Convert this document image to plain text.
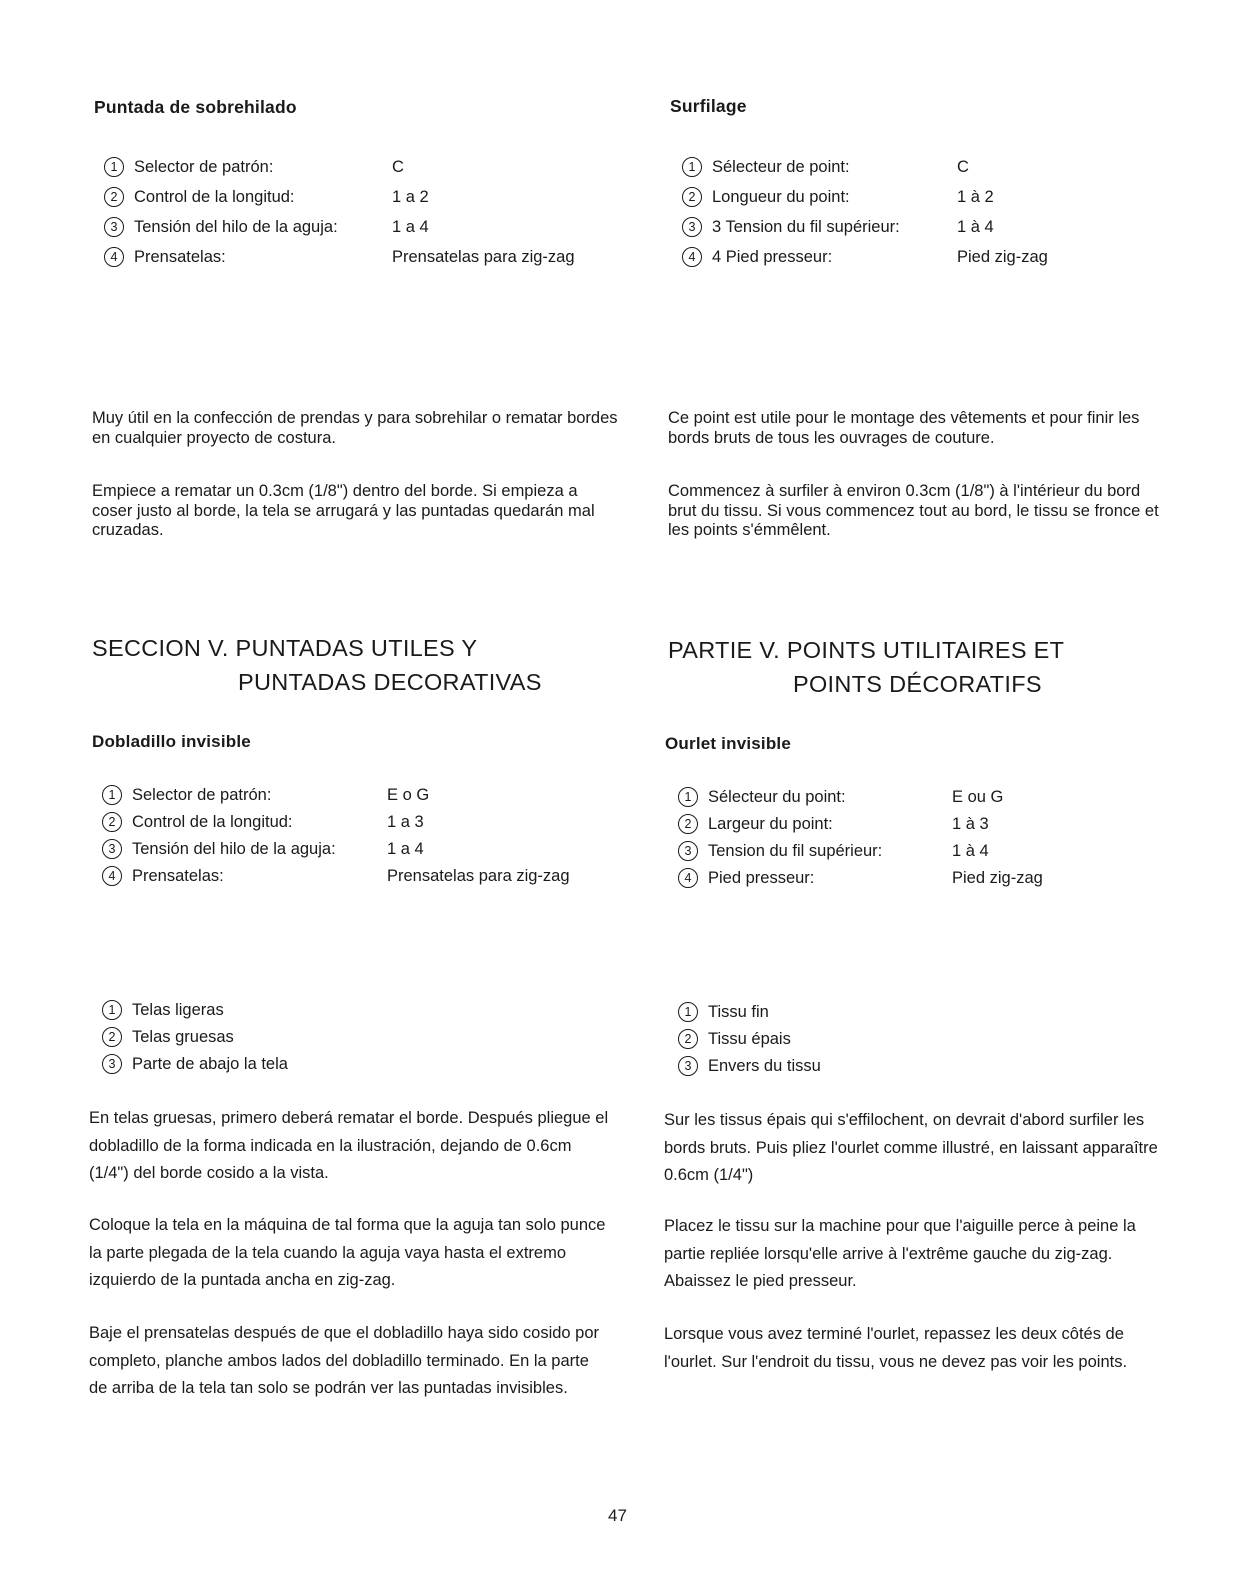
Puntada de sobrehilado
1 Selector de patrón:	C
2 Control de la longitud:	1 a 2
3 Tensión del hilo de la aguja:	1 a 4
4 Prensatelas:	Prensatelas para zig-zag
Muy útil en la confección de prendas y para sobrehilar o rematar bordes en cualquier proyecto de costura.
Empiece a rematar un 0.3cm (1/8") dentro del borde. Si empieza a coser justo al borde, la tela se arrugará y las puntadas quedarán mal cruzadas.
Surfilage
1 Sélecteur de point:	C
2 Longueur du point:	1 à 2
3 3 Tension du fil supérieur:	1 à 4
4 4 Pied presseur:	Pied zig-zag
Ce point est utile pour le montage des vêtements et pour finir les bords bruts de tous les ouvrages de couture.
Commencez à surfiler à environ 0.3cm (1/8") à l'intérieur du bord brut du tissu. Si vous commencez tout au bord, le tissu se fronce et les points s'émmêlent.
SECCION V. PUNTADAS UTILES Y
PUNTADAS DECORATIVAS
PARTIE V. POINTS UTILITAIRES ET
POINTS DÉCORATIFS
Dobladillo invisible
1 Selector de patrón:	E o G
2 Control de la longitud:	1 a 3
3 Tensión del hilo de la aguja:	1 a 4
4 Prensatelas:	Prensatelas para zig-zag
1 Telas ligeras
2 Telas gruesas
3 Parte de abajo la tela
En telas gruesas, primero deberá rematar el borde. Después pliegue el dobladillo de la forma indicada en la ilustración, dejando de 0.6cm (1/4") del borde cosido a la vista.
Coloque la tela en la máquina de tal forma que la aguja tan solo punce la parte plegada de la tela cuando la aguja vaya hasta el extremo izquierdo de la puntada ancha en zig-zag.
Baje el prensatelas después de que el dobladillo haya sido cosido por completo, planche ambos lados del dobladillo terminado. En la parte de arriba de la tela tan solo se podrán ver las puntadas invisibles.
Ourlet invisible
1 Sélecteur du point:	E ou G
2 Largeur du point:	1 à 3
3 Tension du fil supérieur:	1 à 4
4 Pied presseur:	Pied zig-zag
1 Tissu fin
2 Tissu épais
3 Envers du tissu
Sur les tissus épais qui s'effilochent, on devrait d'abord surfiler les bords bruts. Puis pliez l'ourlet comme illustré, en laissant apparaître 0.6cm (1/4")
Placez le tissu sur la machine pour que l'aiguille perce à peine la partie repliée lorsqu'elle arrive à l'extrême gauche du zig-zag. Abaissez le pied presseur.
Lorsque vous avez terminé l'ourlet, repassez les deux côtés de l'ourlet. Sur l'endroit du tissu, vous ne devez pas voir les points.
47
